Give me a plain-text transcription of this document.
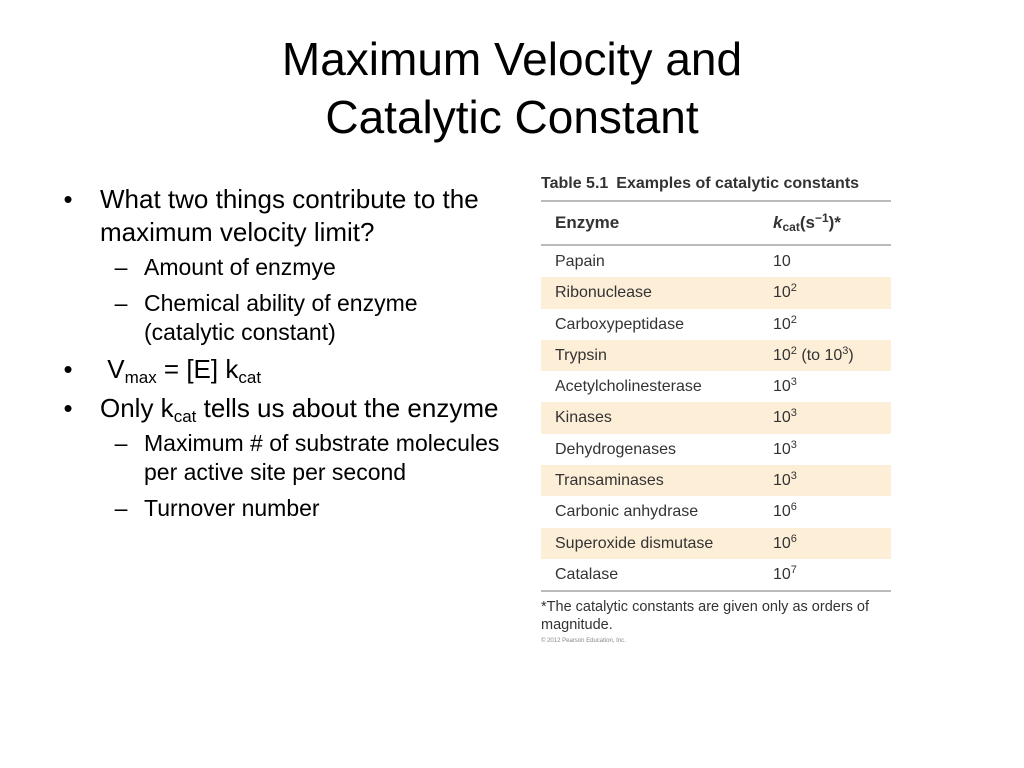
Maximum Velocity and
Catalytic Constant
• What two things contribute to the maximum velocity limit?
– Amount of enzmye
– Chemical ability of enzyme (catalytic constant)
• $V_{max} = [E]$ $k_{cat}$
• Only $k_{cat}$ tells us about the enzyme
– Maximum # of substrate molecules per active site per second
– Turnover number
Table 5.1 Examples of catalytic constants
Enzyme	$k_{cat}(s^{-1})*$
Papain	10
Ribonuclease	$10^2$
Carboxypeptidase	$10^2$
Trypsin	$10^2$ (to $10^3$)
Acetylcholinesterase	$10^3$
Kinases	$10^3$
Dehydrogenases	$10^3$
Transaminases	$10^3$
Carbonic anhydrase	$10^6$
Superoxide dismutase	$10^6$
Catalase	$10^7$
*The catalytic constants are given only as orders of magnitude.
© 2012 Pearson Education, Inc.
